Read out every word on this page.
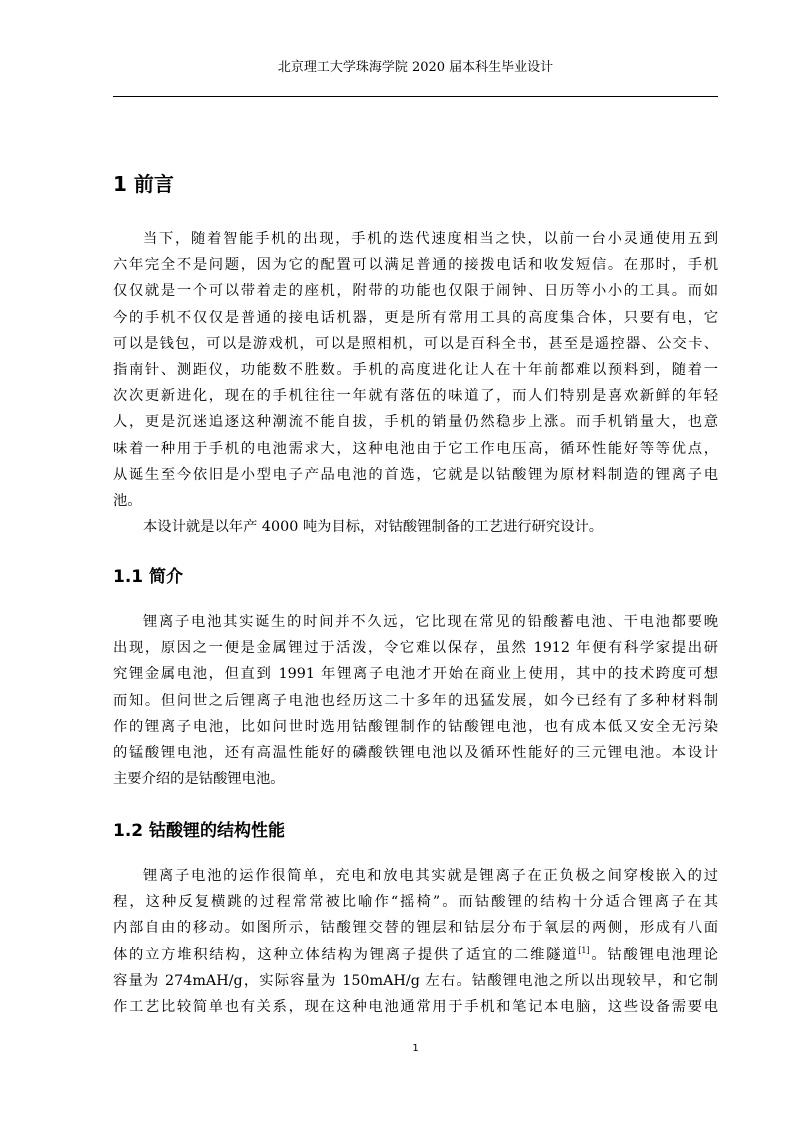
北京理工大学珠海学院 2020 届本科生毕业设计
1 前言
当下，随着智能手机的出现，手机的迭代速度相当之快，以前一台小灵通使用五到
六年完全不是问题，因为它的配置可以满足普通的接拨电话和收发短信。在那时，手机
仅仅就是一个可以带着走的座机，附带的功能也仅限于闹钟、日历等小小的工具。而如
今的手机不仅仅是普通的接电话机器，更是所有常用工具的高度集合体，只要有电，它
可以是钱包，可以是游戏机，可以是照相机，可以是百科全书，甚至是遥控器、公交卡、
指南针、测距仪，功能数不胜数。手机的高度进化让人在十年前都难以预料到，随着一
次次更新进化，现在的手机往往一年就有落伍的味道了，而人们特别是喜欢新鲜的年轻
人，更是沉迷追逐这种潮流不能自拔，手机的销量仍然稳步上涨。而手机销量大，也意
味着一种用于手机的电池需求大，这种电池由于它工作电压高，循环性能好等等优点，
从诞生至今依旧是小型电子产品电池的首选，它就是以钴酸锂为原材料制造的锂离子电
池。
本设计就是以年产 4000 吨为目标，对钴酸锂制备的工艺进行研究设计。
1.1 简介
锂离子电池其实诞生的时间并不久远，它比现在常见的铅酸蓄电池、干电池都要晚
出现，原因之一便是金属锂过于活泼，令它难以保存，虽然 1912 年便有科学家提出研
究锂金属电池，但直到 1991 年锂离子电池才开始在商业上使用，其中的技术跨度可想
而知。但问世之后锂离子电池也经历这二十多年的迅猛发展，如今已经有了多种材料制
作的锂离子电池，比如问世时选用钴酸锂制作的钴酸锂电池，也有成本低又安全无污染
的锰酸锂电池，还有高温性能好的磷酸铁锂电池以及循环性能好的三元锂电池。本设计
主要介绍的是钴酸锂电池。
1.2 钴酸锂的结构性能
锂离子电池的运作很简单，充电和放电其实就是锂离子在正负极之间穿梭嵌入的过
程，这种反复横跳的过程常常被比喻作“摇椅”。而钴酸锂的结构十分适合锂离子在其
内部自由的移动。如图所示，钴酸锂交替的锂层和钴层分布于氧层的两侧，形成有八面
体的立方堆积结构，这种立体结构为锂离子提供了适宜的二维隧道[1]。钴酸锂电池理论
容量为 274mAH/g，实际容量为 150mAH/g 左右。钴酸锂电池之所以出现较早，和它制
作工艺比较简单也有关系，现在这种电池通常用于手机和笔记本电脑，这些设备需要电
1
